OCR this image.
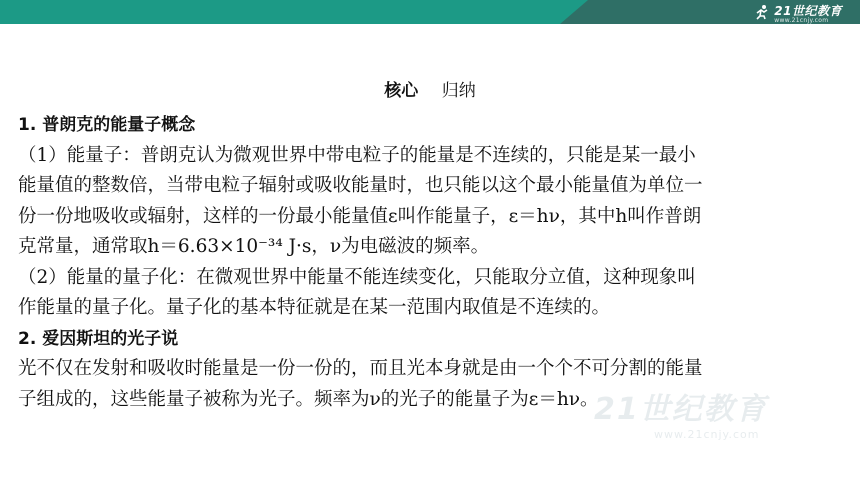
21世纪教育
www.21cnjy.com
核心 归纳

1. 普朗克的能量子概念

（1）能量子：普朗克认为微观世界中带电粒子的能量是不连续的，只能是某一最小

能量值的整数倍，当带电粒子辐射或吸收能量时，也只能以这个最小能量值为单位一

份一份地吸收或辐射，这样的一份最小能量值ε叫作能量子，ε＝hν，其中h叫作普朗

克常量，通常取h＝6.63×10⁻³⁴ J·s，ν为电磁波的频率。

（2）能量的量子化：在微观世界中能量不能连续变化，只能取分立值，这种现象叫

作能量的量子化。量子化的基本特征就是在某一范围内取值是不连续的。

2. 爱因斯坦的光子说

光不仅在发射和吸收时能量是一份一份的，而且光本身就是由一个个不可分割的能量

子组成的，这些能量子被称为光子。频率为ν的光子的能量子为ε＝hν。

21世纪教育
www.21cnjy.com
